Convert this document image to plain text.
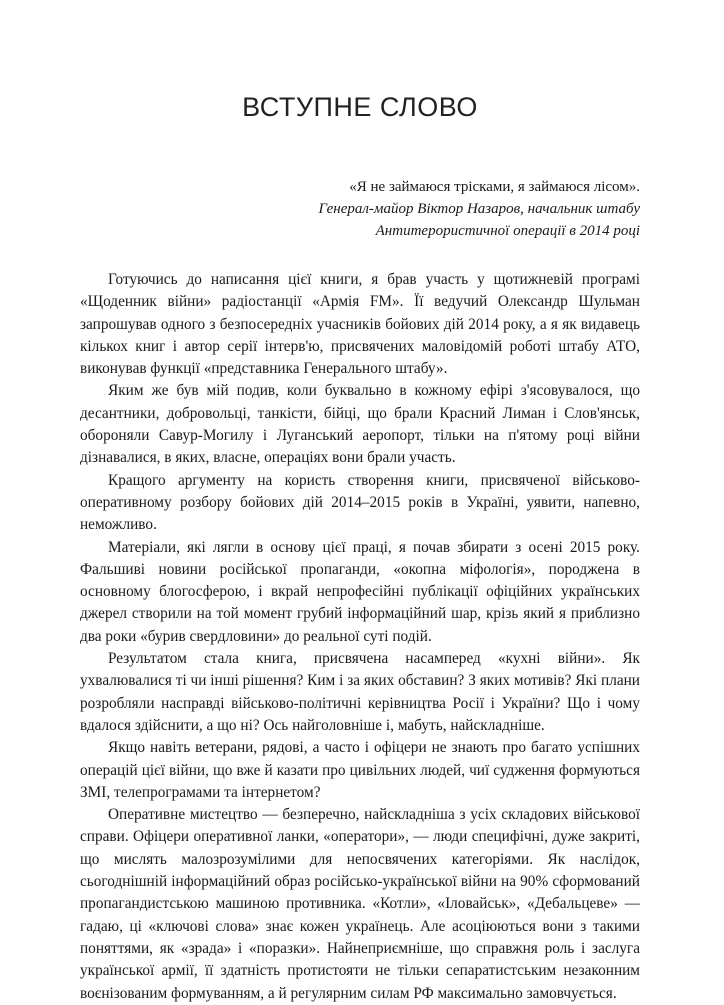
ВСТУПНЕ СЛОВО
«Я не займаюся трісками, я займаюся лісом».
Генерал-майор Віктор Назаров, начальник штабу
Антитерористичної операції в 2014 році

Готуючись до написання цієї книги, я брав участь у щотижневій програмі «Щоденник війни» радіостанції «Армія FM». Її ведучий Олександр Шульман запрошував одного з безпосередніх учасників бойових дій 2014 року, а я як видавець кількох книг і автор серії інтерв'ю, присвячених маловідомій роботі штабу АТО, виконував функції «представника Генерального штабу».

Яким же був мій подив, коли буквально в кожному ефірі з'ясовувалося, що десантники, добровольці, танкісти, бійці, що брали Красний Лиман і Слов'янськ, обороняли Савур-Могилу і Луганський аеропорт, тільки на п'ятому році війни дізнавалися, в яких, власне, операціях вони брали участь.

Кращого аргументу на користь створення книги, присвяченої військово-оперативному розбору бойових дій 2014–2015 років в Україні, уявити, напевно, неможливо.

Матеріали, які лягли в основу цієї праці, я почав збирати з осені 2015 року. Фальшиві новини російської пропаганди, «окопна міфологія», породжена в основному блогосферою, і вкрай непрофесійні публікації офіційних українських джерел створили на той момент грубий інформаційний шар, крізь який я приблизно два роки «бурив свердловини» до реальної суті подій.

Результатом стала книга, присвячена насамперед «кухні війни». Як ухвалювалися ті чи інші рішення? Ким і за яких обставин? З яких мотивів? Які плани розробляли насправді військово-політичні керівництва Росії і України? Що і чому вдалося здійснити, а що ні? Ось найголовніше і, мабуть, найскладніше.

Якщо навіть ветерани, рядові, а часто і офіцери не знають про багато успішних операцій цієї війни, що вже й казати про цивільних людей, чиї судження формуються ЗМІ, телепрограмами та інтернетом?

Оперативне мистецтво — безперечно, найскладніша з усіх складових військової справи. Офіцери оперативної ланки, «оператори», — люди специфічні, дуже закриті, що мислять малозрозумілими для непосвячених категоріями. Як наслідок, сьогоднішній інформаційний образ російсько-української війни на 90% сформований пропагандистською машиною противника. «Котли», «Іловайськ», «Дебальцеве» — гадаю, ці «ключові слова» знає кожен українець. Але асоціюються вони з такими поняттями, як «зрада» і «поразки». Найнеприємніше, що справжня роль і заслуга української армії, її здатність протистояти не тільки сепаратистським незаконним воєнізованим формуванням, а й регулярним силам РФ максимально замовчується.
